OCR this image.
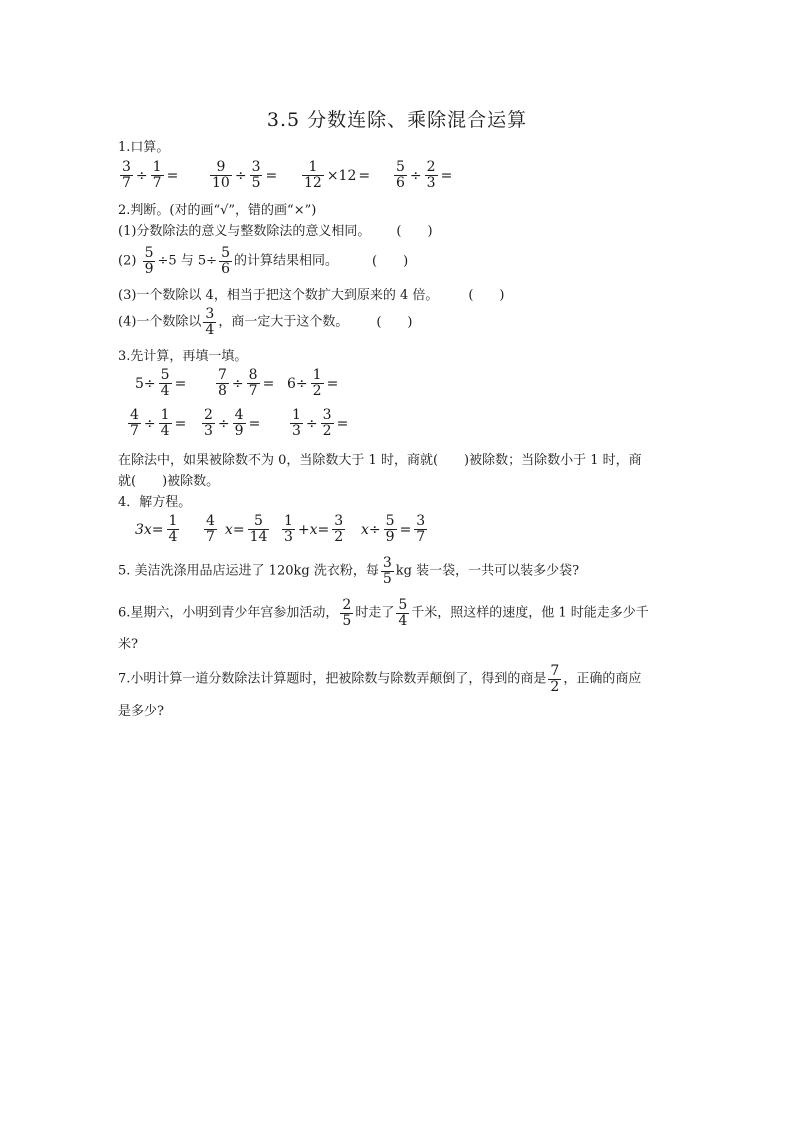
3.5 分数连除、乘除混合运算
1.口算。
$\frac{3}{7} \div \frac{1}{7} = \frac{9}{10} \div \frac{3}{5} = \frac{1}{12} \times 12 = \frac{5}{6} \div \frac{2}{3}$ =
2.判断。(对的画“√”，错的画“×”)
(1)分数除法的意义与整数除法的意义相同。 (　　)
$(2) \frac{5}{9} \div 5$ 与 $5\div \frac{5}{6}$ 的计算结果相同。	(　　)
(3)一个数除以 4，相当于把这个数扩大到原来的 4 倍。 (　　)
(4)一个数除以 $\frac{3}{4}$ ，商一定大于这个数。 (　　)
3.先计算，再填一填。
$5\div \frac{5}{4} = \frac{7}{8} \div \frac{8}{7} = 6\div \frac{1}{2}$ =
$\frac{4}{7} \div \frac{1}{4} = \frac{2}{3} \div \frac{4}{9} = \frac{1}{3} \div \frac{3}{2}$ =
在除法中，如果被除数不为 0，当除数大于 1 时，商就(　　)被除数；当除数小于 1 时，商
就(　　)被除数。
4．解方程。
$3x= \frac{1}{4} \frac{4}{7} x= \frac{5}{14} \frac{1}{3} +x= \frac{3}{2} x\div \frac{5}{9} = \frac{3}{7}$
5. 美洁洗涤用品店运进了 120kg 洗衣粉，每 $\frac{3}{5}$ kg 装一袋，一共可以装多少袋?
6.星期六，小明到青少年宫参加活动， $\frac{2}{5}$ 时走了 $\frac{5}{4}$ 千米，照这样的速度，他 1 时能走多少千
米?
7.小明计算一道分数除法计算题时，把被除数与除数弄颠倒了，得到的商是 $\frac{7}{2}$ ，正确的商应
是多少?
